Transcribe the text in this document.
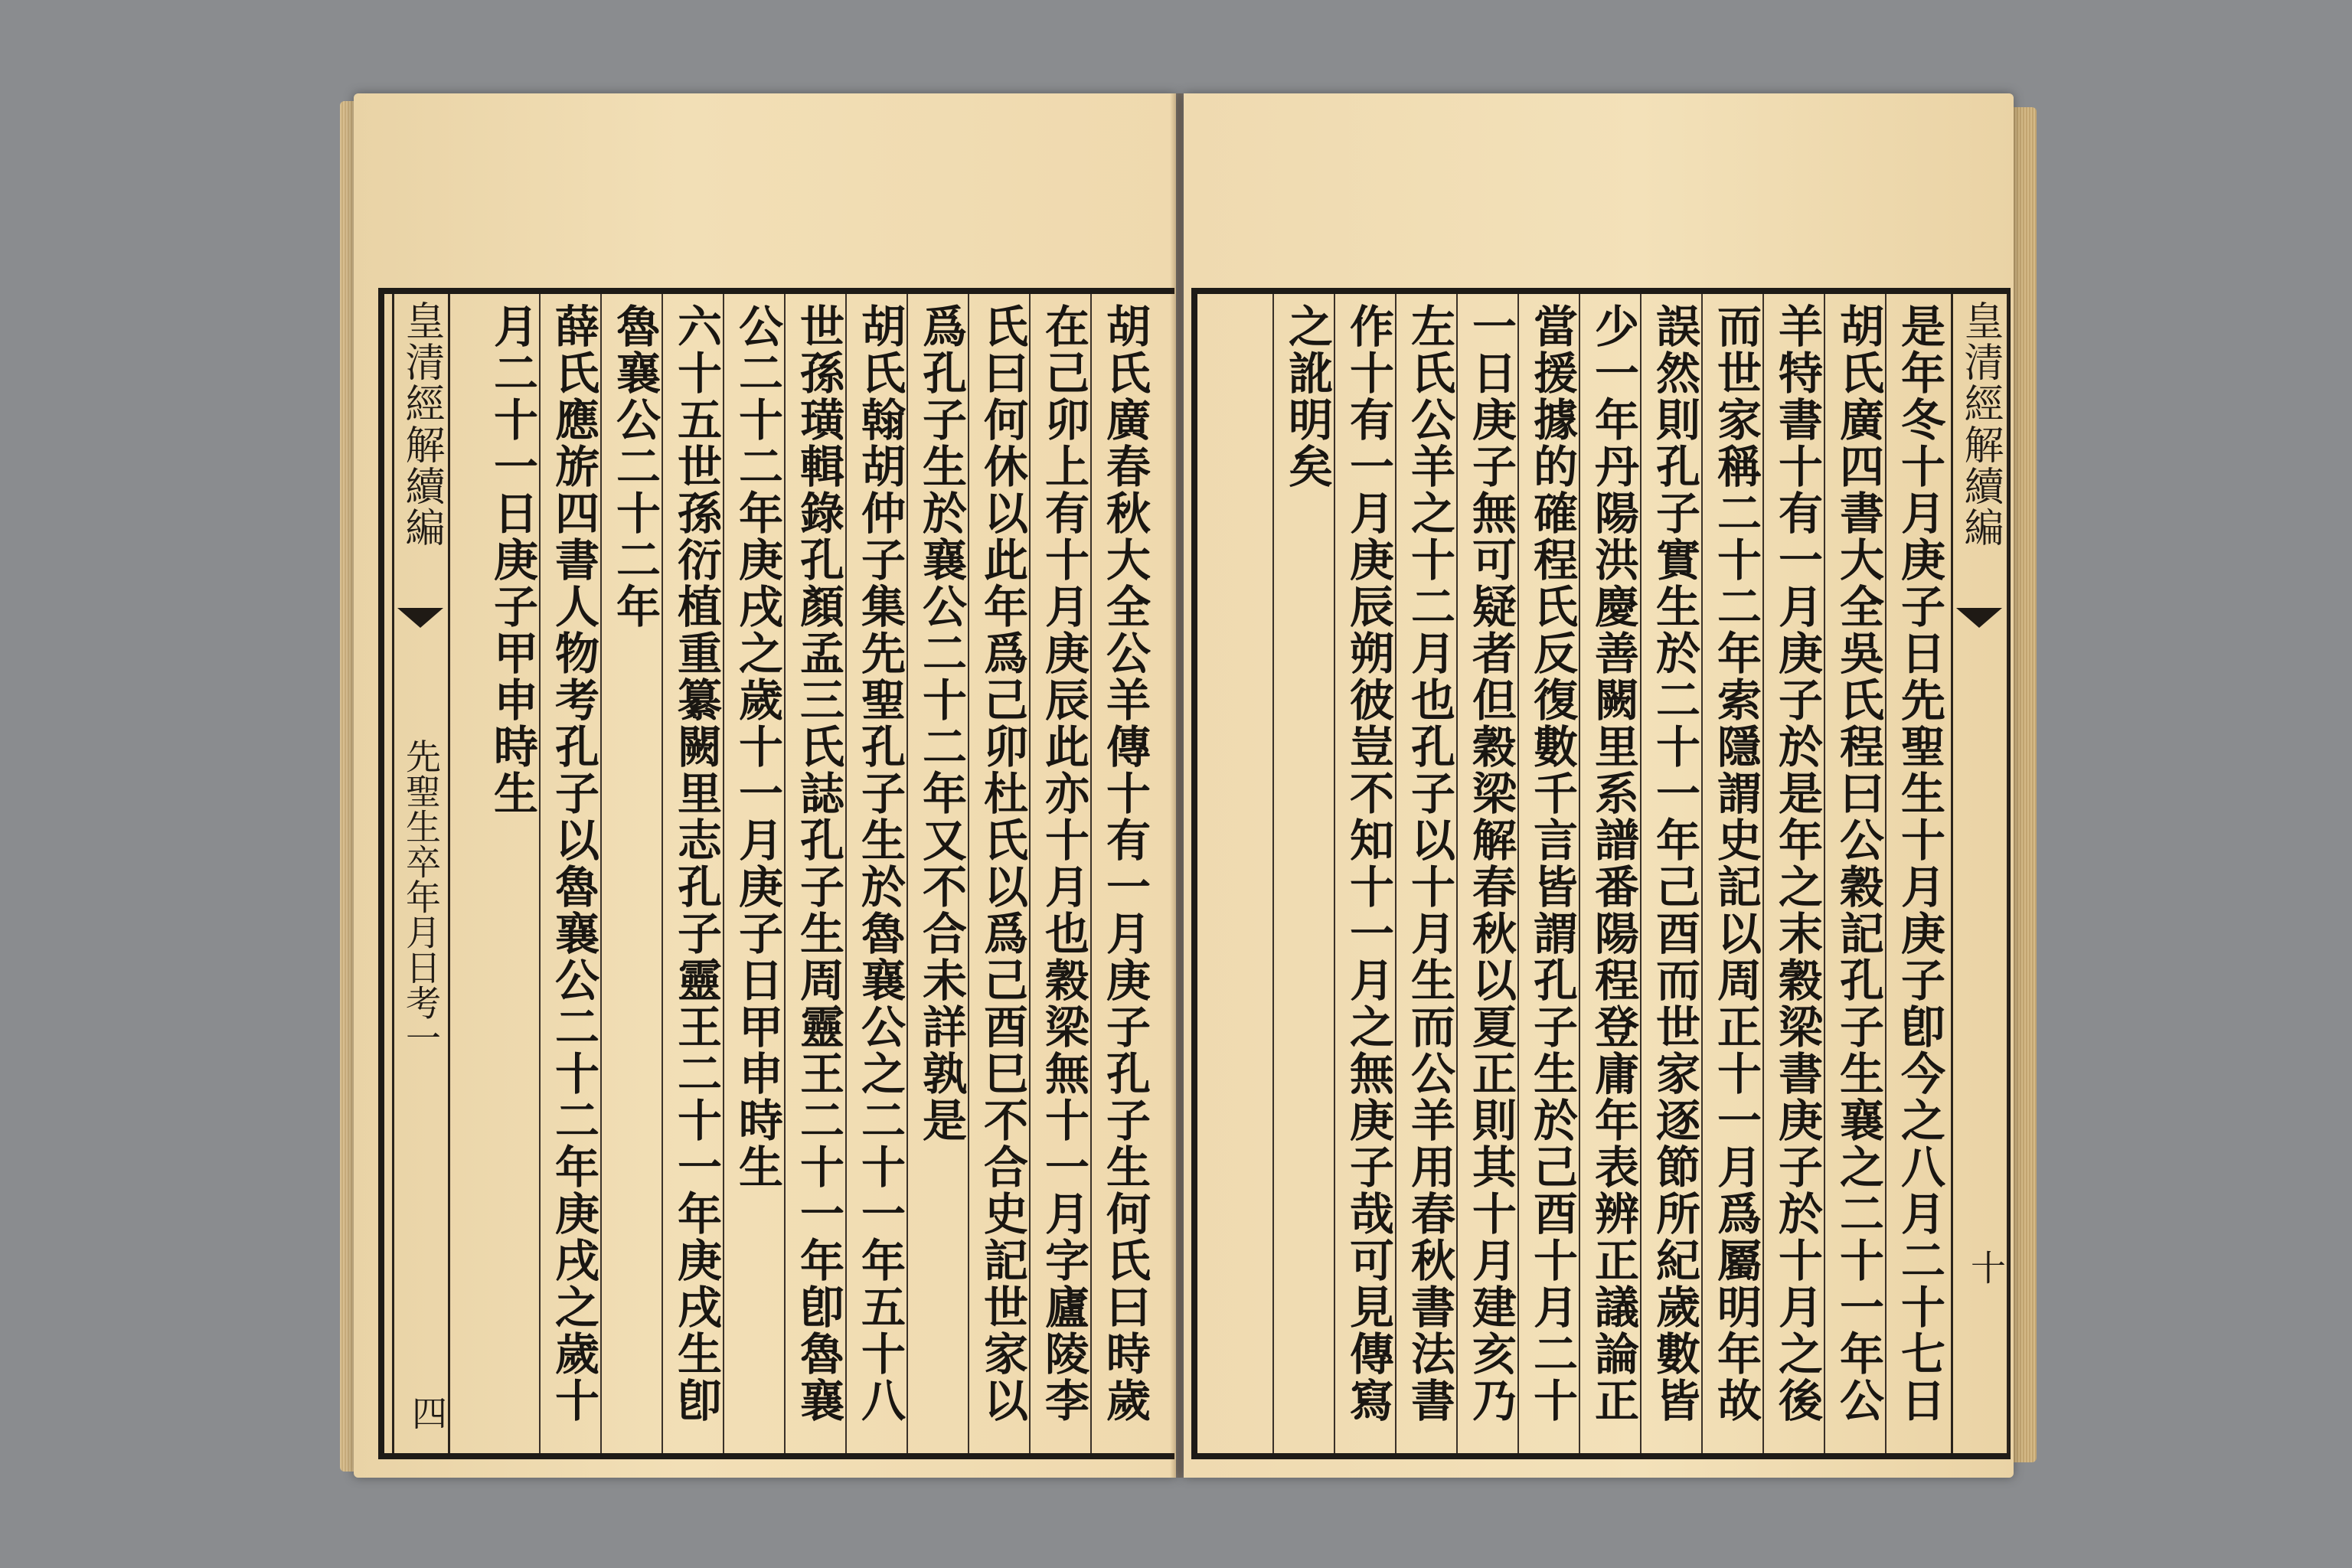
胡氏廣春秋大全公羊傳十有一月庚子孔子生何氏曰時歲
在己卯上有十月庚辰此亦十月也穀梁無十一月字廬陵李
氏曰何休以此年爲己卯杜氏以爲己酉巳不合史記世家以
爲孔子生於襄公二十二年又不合未詳孰是
胡氏翰胡仲子集先聖孔子生於魯襄公之二十一年五十八
世孫璜輯錄孔顏孟三氏誌孔子生周靈王二十一年卽魯襄
公二十二年庚戌之歲十一月庚子日甲申時生
六十五世孫衍植重纂闕里志孔子靈王二十一年庚戌生卽
魯襄公二十二年
薛氏應旂四書人物考孔子以魯襄公二十二年庚戌之歲十
月二十一日庚子甲申時生
皇清經解續編
先聖生卒年月日考一
四
皇清經解續編
十
是年冬十月庚子日先聖生十月庚子卽今之八月二十七日
胡氏廣四書大全吳氏程曰公穀記孔子生襄之二十一年公
羊特書十有一月庚子於是年之末穀梁書庚子於十月之後
而世家稱二十二年索隱謂史記以周正十一月爲屬明年故
誤然則孔子實生於二十一年己酉而世家逐節所紀歲數皆
少一年丹陽洪慶善闕里系譜番陽程登庸年表辨正議論正
當援據的確程氏反復數千言皆謂孔子生於己酉十月二十
一日庚子無可疑者但穀梁解春秋以夏正則其十月建亥乃
左氏公羊之十二月也孔子以十月生而公羊用春秋書法書
作十有一月庚辰朔彼豈不知十一月之無庚子哉可見傳寫
之訛明矣
